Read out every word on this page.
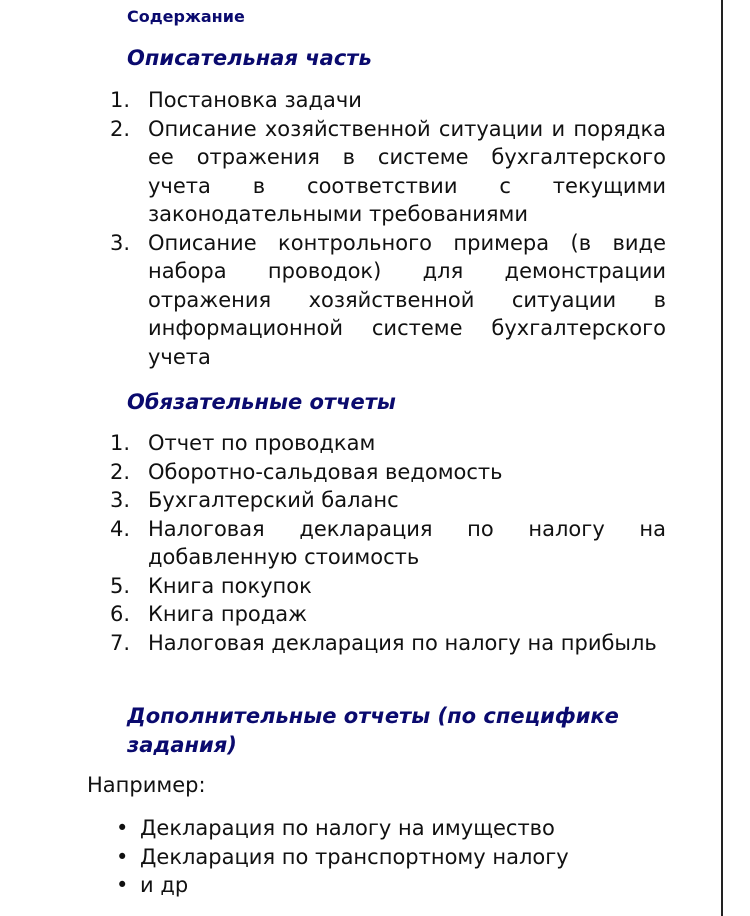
Содержание
Описательная часть
1. Постановка задачи
2. Описание хозяйственной ситуации и порядка ее отражения в системе бухгалтерского учета в соответствии с текущими законодательными требованиями
3. Описание контрольного примера (в виде набора проводок) для демонстрации отражения хозяйственной ситуации в информационной системе бухгалтерского учета
Обязательные отчеты
1. Отчет по проводкам
2. Оборотно-сальдовая ведомость
3. Бухгалтерский баланс
4. Налоговая декларация по налогу на добавленную стоимость
5. Книга покупок
6. Книга продаж
7. Налоговая декларация по налогу на прибыль
Дополнительные отчеты (по специфике задания)
Например:
• Декларация по налогу на имущество
• Декларация по транспортному налогу
• и др
